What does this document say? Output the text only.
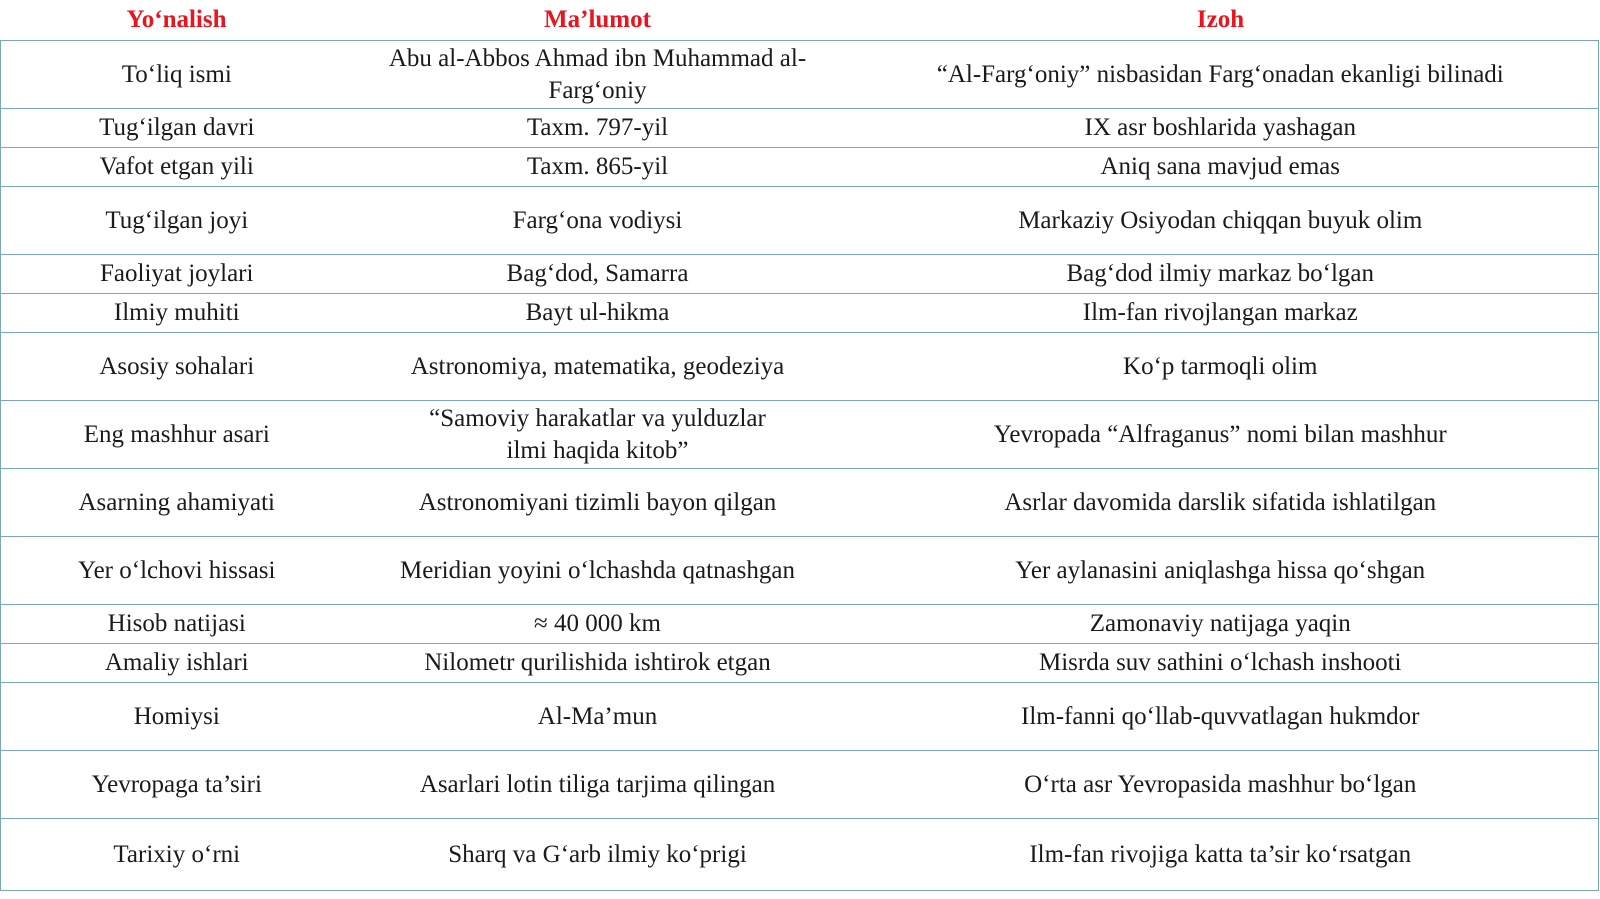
Yo‘nalish	Ma’lumot	Izoh
To‘liq ismi	Abu al-Abbos Ahmad ibn Muhammad al-Farg‘oniy	“Al-Farg‘oniy” nisbasidan Farg‘onadan ekanligi bilinadi
Tug‘ilgan davri	Taxm. 797-yil	IX asr boshlarida yashagan
Vafot etgan yili	Taxm. 865-yil	Aniq sana mavjud emas
Tug‘ilgan joyi	Farg‘ona vodiysi	Markaziy Osiyodan chiqqan buyuk olim
Faoliyat joylari	Bag‘dod, Samarra	Bag‘dod ilmiy markaz bo‘lgan
Ilmiy muhiti	Bayt ul-hikma	Ilm-fan rivojlangan markaz
Asosiy sohalari	Astronomiya, matematika, geodeziya	Ko‘p tarmoqli olim
Eng mashhur asari	“Samoviy harakatlar va yulduzlar ilmi haqida kitob”	Yevropada “Alfraganus” nomi bilan mashhur
Asarning ahamiyati	Astronomiyani tizimli bayon qilgan	Asrlar davomida darslik sifatida ishlatilgan
Yer o‘lchovi hissasi	Meridian yoyini o‘lchashda qatnashgan	Yer aylanasini aniqlashga hissa qo‘shgan
Hisob natijasi	≈ 40 000 km	Zamonaviy natijaga yaqin
Amaliy ishlari	Nilometr qurilishida ishtirok etgan	Misrda suv sathini o‘lchash inshooti
Homiysi	Al-Ma’mun	Ilm-fanni qo‘llab-quvvatlagan hukmdor
Yevropaga ta’siri	Asarlari lotin tiliga tarjima qilingan	O‘rta asr Yevropasida mashhur bo‘lgan
Tarixiy o‘rni	Sharq va G‘arb ilmiy ko‘prigi	Ilm-fan rivojiga katta ta’sir ko‘rsatgan
